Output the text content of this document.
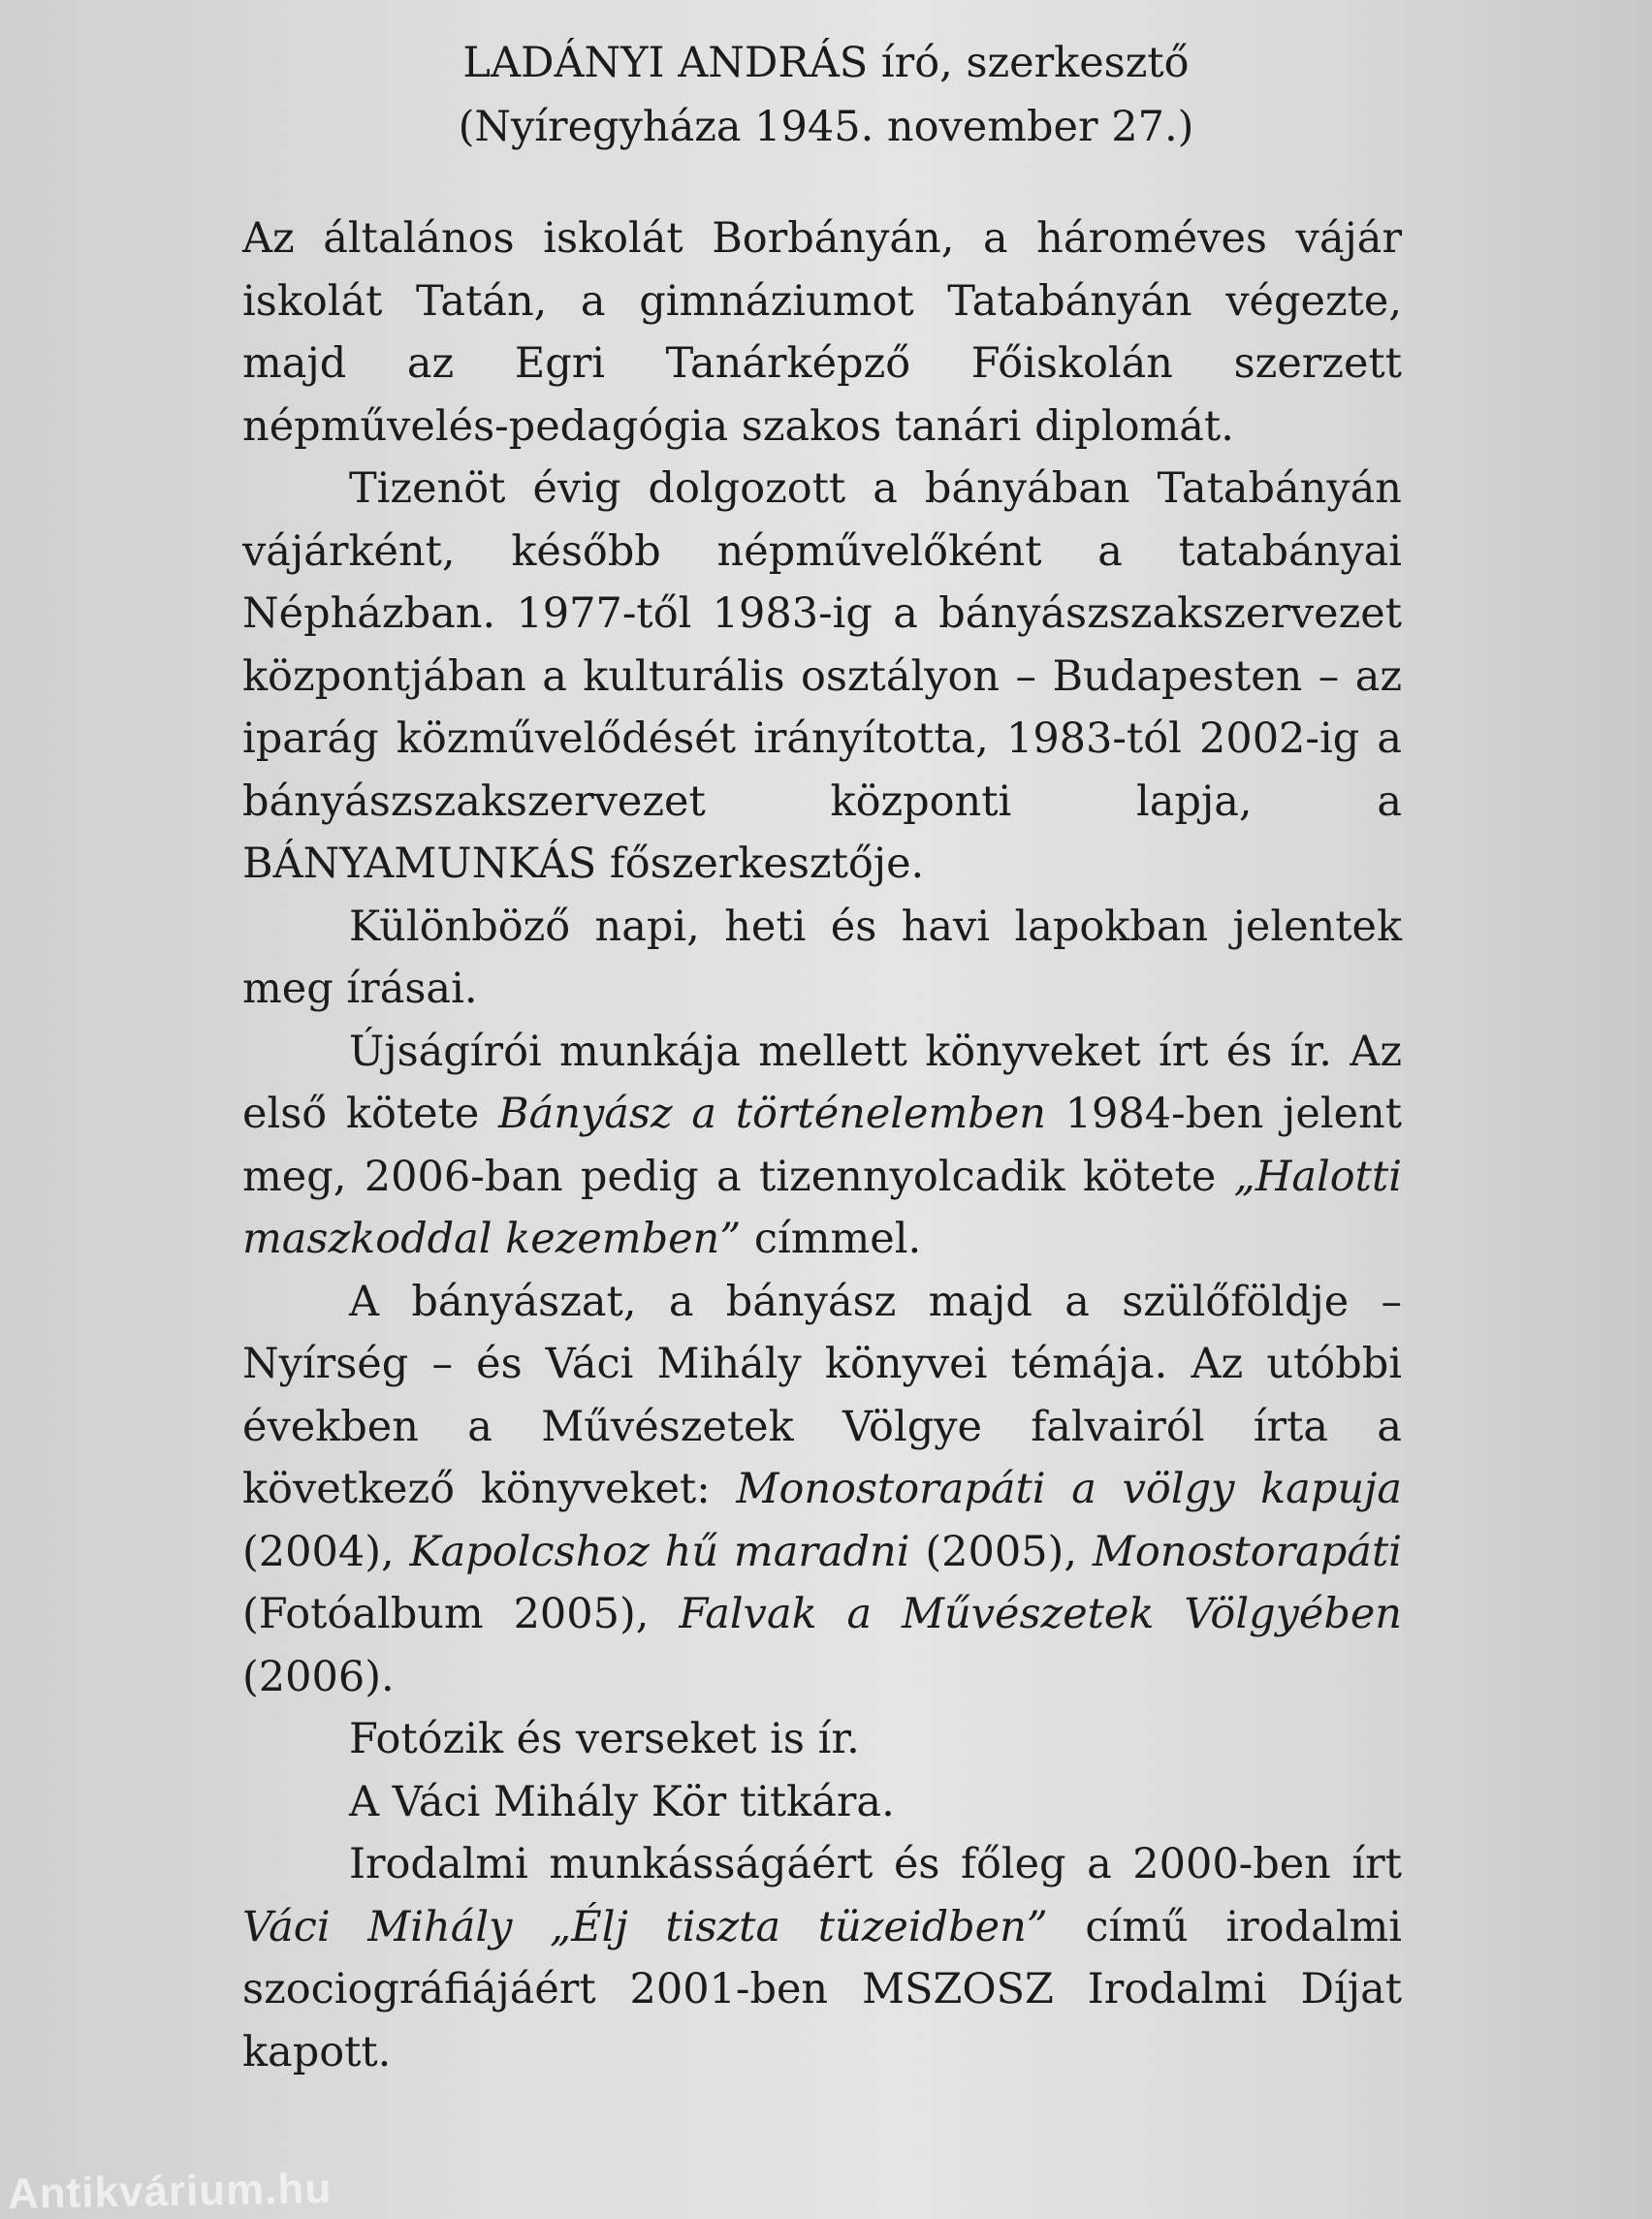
LADÁNYI ANDRÁS író, szerkesztő
(Nyíregyháza 1945. november 27.)

Az általános iskolát Borbányán, a hároméves vájár iskolát Tatán, a gimnáziumot Tatabányán végezte, majd az Egri Tanárképző Főiskolán szerzett népművelés-pedagógia szakos tanári diplomát.

Tizenöt évig dolgozott a bányában Tatabányán vájárként, később népművelőként a tatabányai Népházban. 1977-től 1983-ig a bányászszakszervezet központjában a kulturális osztályon – Budapesten – az iparág közművelődését irányította, 1983-tól 2002-ig a bányászszakszervezet központi lapja, a BÁNYAMUNKÁS főszerkesztője.

Különböző napi, heti és havi lapokban jelentek meg írásai.

Újságírói munkája mellett könyveket írt és ír. Az első kötete Bányász a történelemben 1984-ben jelent meg, 2006-ban pedig a tizennyolcadik kötete „Halotti maszkoddal kezemben” címmel.

A bányászat, a bányász majd a szülőföldje – Nyírség – és Váci Mihály könyvei témája. Az utóbbi években a Művészetek Völgye falvairól írta a következő könyveket: Monostorapáti a völgy kapuja (2004), Kapolcshoz hű maradni (2005), Monostorapáti (Fotóalbum 2005), Falvak a Művészetek Völgyében (2006).

Fotózik és verseket is ír.

A Váci Mihály Kör titkára.

Irodalmi munkásságáért és főleg a 2000-ben írt Váci Mihály „Élj tiszta tüzeidben” című irodalmi szociográfiájáért 2001-ben MSZOSZ Irodalmi Díjat kapott.

Antikvárium.hu
